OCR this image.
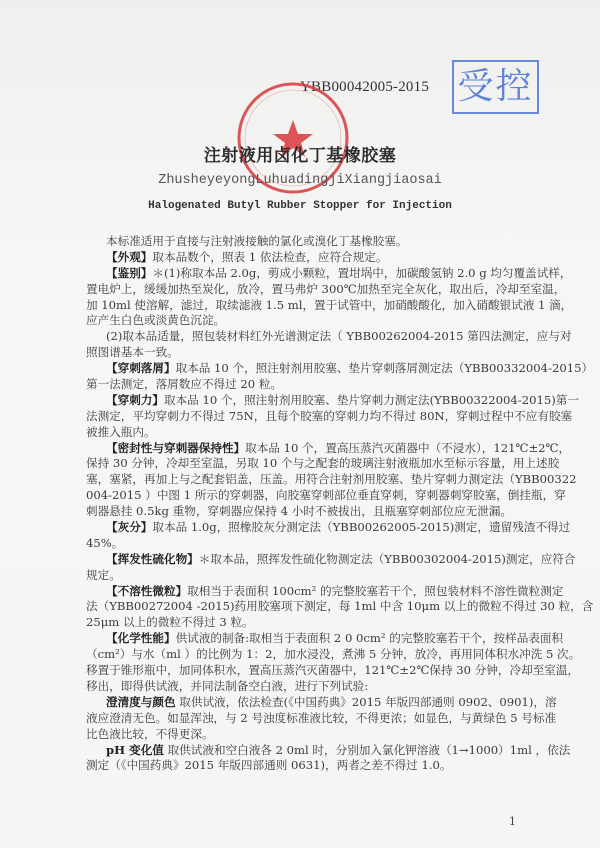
YBB00042005-2015 受控
注射液用卤化丁基橡胶塞
ZhusheyeyongLuhuadingjiXiangjiaosai
Halogenated Butyl Rubber Stopper for Injection
本标准适用于直接与注射液接触的氯化或溴化丁基橡胶塞。
【外观】取本品数个，照表 1 依法检查，应符合规定。
【鉴别】＊(1)称取本品 2.0g，剪成小颗粒，置坩埚中，加碳酸氢钠 2.0 g 均匀覆盖试样，
置电炉上，缓缓加热至炭化，放冷，置马弗炉 300℃加热至完全灰化，取出后，冷却至室温，
加 10ml 使溶解，滤过，取续滤液 1.5 ml，置于试管中，加硝酸酸化，加入硝酸银试液 1 滴，
应产生白色或淡黄色沉淀。
(2)取本品适量，照包装材料红外光谱测定法（ YBB00262004-2015 第四法测定，应与对
照图谱基本一致。
【穿刺落屑】取本品 10 个，照注射剂用胶塞、垫片穿刺落屑测定法（YBB00332004-2015）
第一法测定，落屑数应不得过 20 粒。
【穿刺力】取本品 10 个，照注射剂用胶塞、垫片穿刺力测定法(YBB00322004-2015)第一
法测定，平均穿刺力不得过 75N，且每个胶塞的穿刺力均不得过 80N，穿刺过程中不应有胶塞
被推入瓶内。
【密封性与穿刺器保持性】取本品 10 个，置高压蒸汽灭菌器中（不浸水），121℃±2℃，
保持 30 分钟，冷却至室温，另取 10 个与之配套的玻璃注射液瓶加水至标示容量，用上述胶
塞，塞紧，再加上与之配套铝盖，压盖。用符合注射剂用胶塞、垫片穿刺力测定法（YBB00322
004-2015 ）中图 1 所示的穿刺器，向胶塞穿刺部位垂直穿刺，穿刺器刺穿胶塞，倒挂瓶，穿
刺器悬挂 0.5kg 重物，穿刺器应保持 4 小时不被拔出，且瓶塞穿刺部位应无泄漏。
【灰分】取本品 1.0g，照橡胶灰分测定法（YBB00262005-2015)测定，遗留残渣不得过
45%。
【挥发性硫化物】＊取本品，照挥发性硫化物测定法（YBB00302004-2015)测定，应符合
规定。
【不溶性微粒】取相当于表面积 100cm² 的完整胶塞若干个，照包装材料不溶性微粒测定
法（YBB00272004 -2015)药用胶塞项下测定，每 1ml 中含 10μm 以上的微粒不得过 30 粒，含
25μm 以上的微粒不得过 3 粒。
【化学性能】供试液的制备:取相当于表面积 2 0 0cm² 的完整胶塞若干个，按样品表面积
（cm²）与水（ml ）的比例为 1：2，加水浸没，煮沸 5 分钟，放冷，再用同体积水冲洗 5 次。
移置于锥形瓶中，加同体积水，置高压蒸汽灭菌器中，121℃±2℃保持 30 分钟，冷却至室温，
移出，即得供试液，并同法制备空白液，进行下列试验:
澄清度与颜色 取供试液，依法检查(《中国药典》2015 年版四部通则 0902、0901)，溶
液应澄清无色。如显浑浊，与 2 号浊度标准液比较，不得更浓；如显色，与黄绿色 5 号标准
比色液比较，不得更深。
pH 变化值 取供试液和空白液各 2 0ml 时，分别加入氯化钾溶液（1→1000）1ml ，依法
测定（《中国药典》2015 年版四部通则 0631)，两者之差不得过 1.0。
1
